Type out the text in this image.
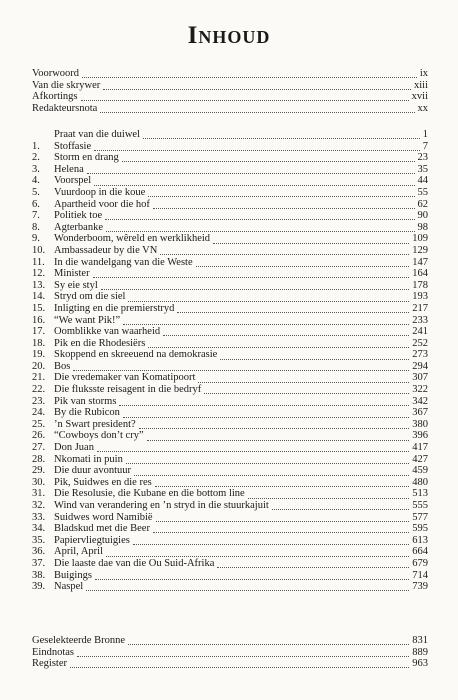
Inhoud
Voorwoord	ix
Van die skrywer	xiii
Afkortings	xvii
Redakteursnota	xx
Praat van die duiwel	1
1.	Stoffasie	7
2.	Storm en drang	23
3.	Helena	35
4.	Voorspel	44
5.	Vuurdoop in die koue	55
6.	Apartheid voor die hof	62
7.	Politiek toe	90
8.	Agterbanke	98
9.	Wonderboom, wêreld en werklikheid	109
10. Ambassadeur by die VN	129
11. In die wandelgang van die Weste	147
12. Minister	164
13. Sy eie styl	178
14. Stryd om die siel	193
15. Inligting en die premierstryd	217
16. “We want Pik!”	233
17. Oomblikke van waarheid	241
18. Pik en die Rhodesiërs	252
19. Skoppend en skreeuend na demokrasie	273
20. Bos	294
21. Die vredemaker van Komatipoort	307
22. Die fluksste reisagent in die bedryf	322
23. Pik van storms	342
24. By die Rubicon	367
25. ’n Swart president?	380
26. “Cowboys don’t cry”	396
27. Don Juan	417
28. Nkomati in puin	427
29. Die duur avontuur	459
30. Pik, Suidwes en die res	480
31. Die Resolusie, die Kubane en die bottom line	513
32. Wind van verandering en ’n stryd in die stuurkajuit	555
33. Suidwes word Namibië	577
34. Bladskud met die Beer	595
35. Papiervliegtuigies	613
36. April, April	664
37. Die laaste dae van die Ou Suid-Afrika	679
38. Buigings	714
39. Naspel	739
Geselekteerde Bronne	831
Eindnotas	889
Register	963
